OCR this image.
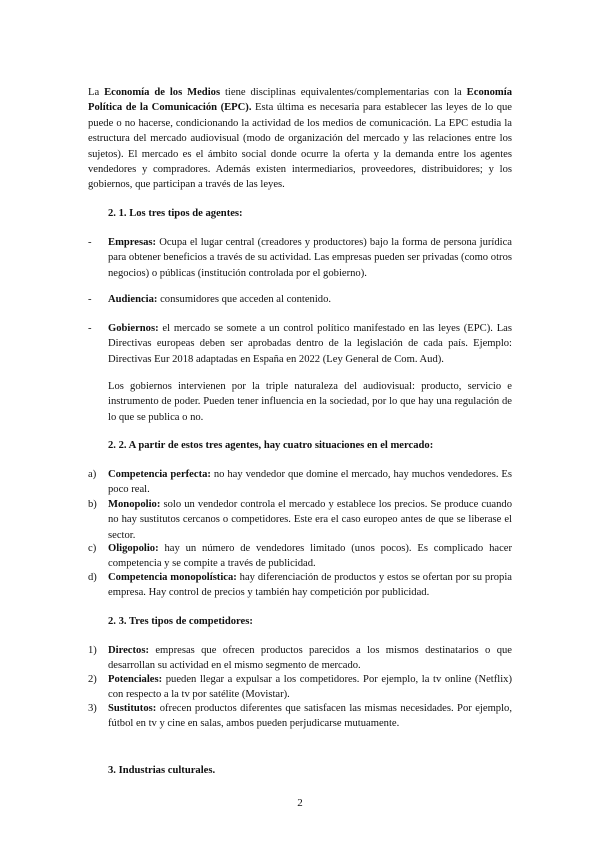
La Economía de los Medios tiene disciplinas equivalentes/complementarias con la Economía Política de la Comunicación (EPC). Esta última es necesaria para establecer las leyes de lo que puede o no hacerse, condicionando la actividad de los medios de comunicación. La EPC estudia la estructura del mercado audiovisual (modo de organización del mercado y las relaciones entre los sujetos). El mercado es el ámbito social donde ocurre la oferta y la demanda entre los agentes vendedores y compradores. Además existen intermediarios, proveedores, distribuidores; y los gobiernos, que participan a través de las leyes.
2. 1. Los tres tipos de agentes:
-	Empresas: Ocupa el lugar central (creadores y productores) bajo la forma de persona jurídica para obtener beneficios a través de su actividad. Las empresas pueden ser privadas (como otros negocios) o públicas (institución controlada por el gobierno).
-	Audiencia: consumidores que acceden al contenido.
-	Gobiernos: el mercado se somete a un control político manifestado en las leyes (EPC). Las Directivas europeas deben ser aprobadas dentro de la legislación de cada país. Ejemplo: Directivas Eur 2018 adaptadas en España en 2022 (Ley General de Com. Aud).
Los gobiernos intervienen por la triple naturaleza del audiovisual: producto, servicio e instrumento de poder. Pueden tener influencia en la sociedad, por lo que hay una regulación de lo que se publica o no.
2. 2. A partir de estos tres agentes, hay cuatro situaciones en el mercado:
a)	Competencia perfecta: no hay vendedor que domine el mercado, hay muchos vendedores. Es poco real.
b)	Monopolio: solo un vendedor controla el mercado y establece los precios. Se produce cuando no hay sustitutos cercanos o competidores. Este era el caso europeo antes de que se liberase el sector.
c)	Oligopolio: hay un número de vendedores limitado (unos pocos). Es complicado hacer competencia y se compite a través de publicidad.
d)	Competencia monopolística: hay diferenciación de productos y estos se ofertan por su propia empresa. Hay control de precios y también hay competición por publicidad.
2. 3. Tres tipos de competidores:
1)	Directos: empresas que ofrecen productos parecidos a los mismos destinatarios o que desarrollan su actividad en el mismo segmento de mercado.
2)	Potenciales: pueden llegar a expulsar a los competidores. Por ejemplo, la tv online (Netflix) con respecto a la tv por satélite (Movistar).
3)	Sustitutos: ofrecen productos diferentes que satisfacen las mismas necesidades. Por ejemplo, fútbol en tv y cine en salas, ambos pueden perjudicarse mutuamente.
3. Industrias culturales.
2
